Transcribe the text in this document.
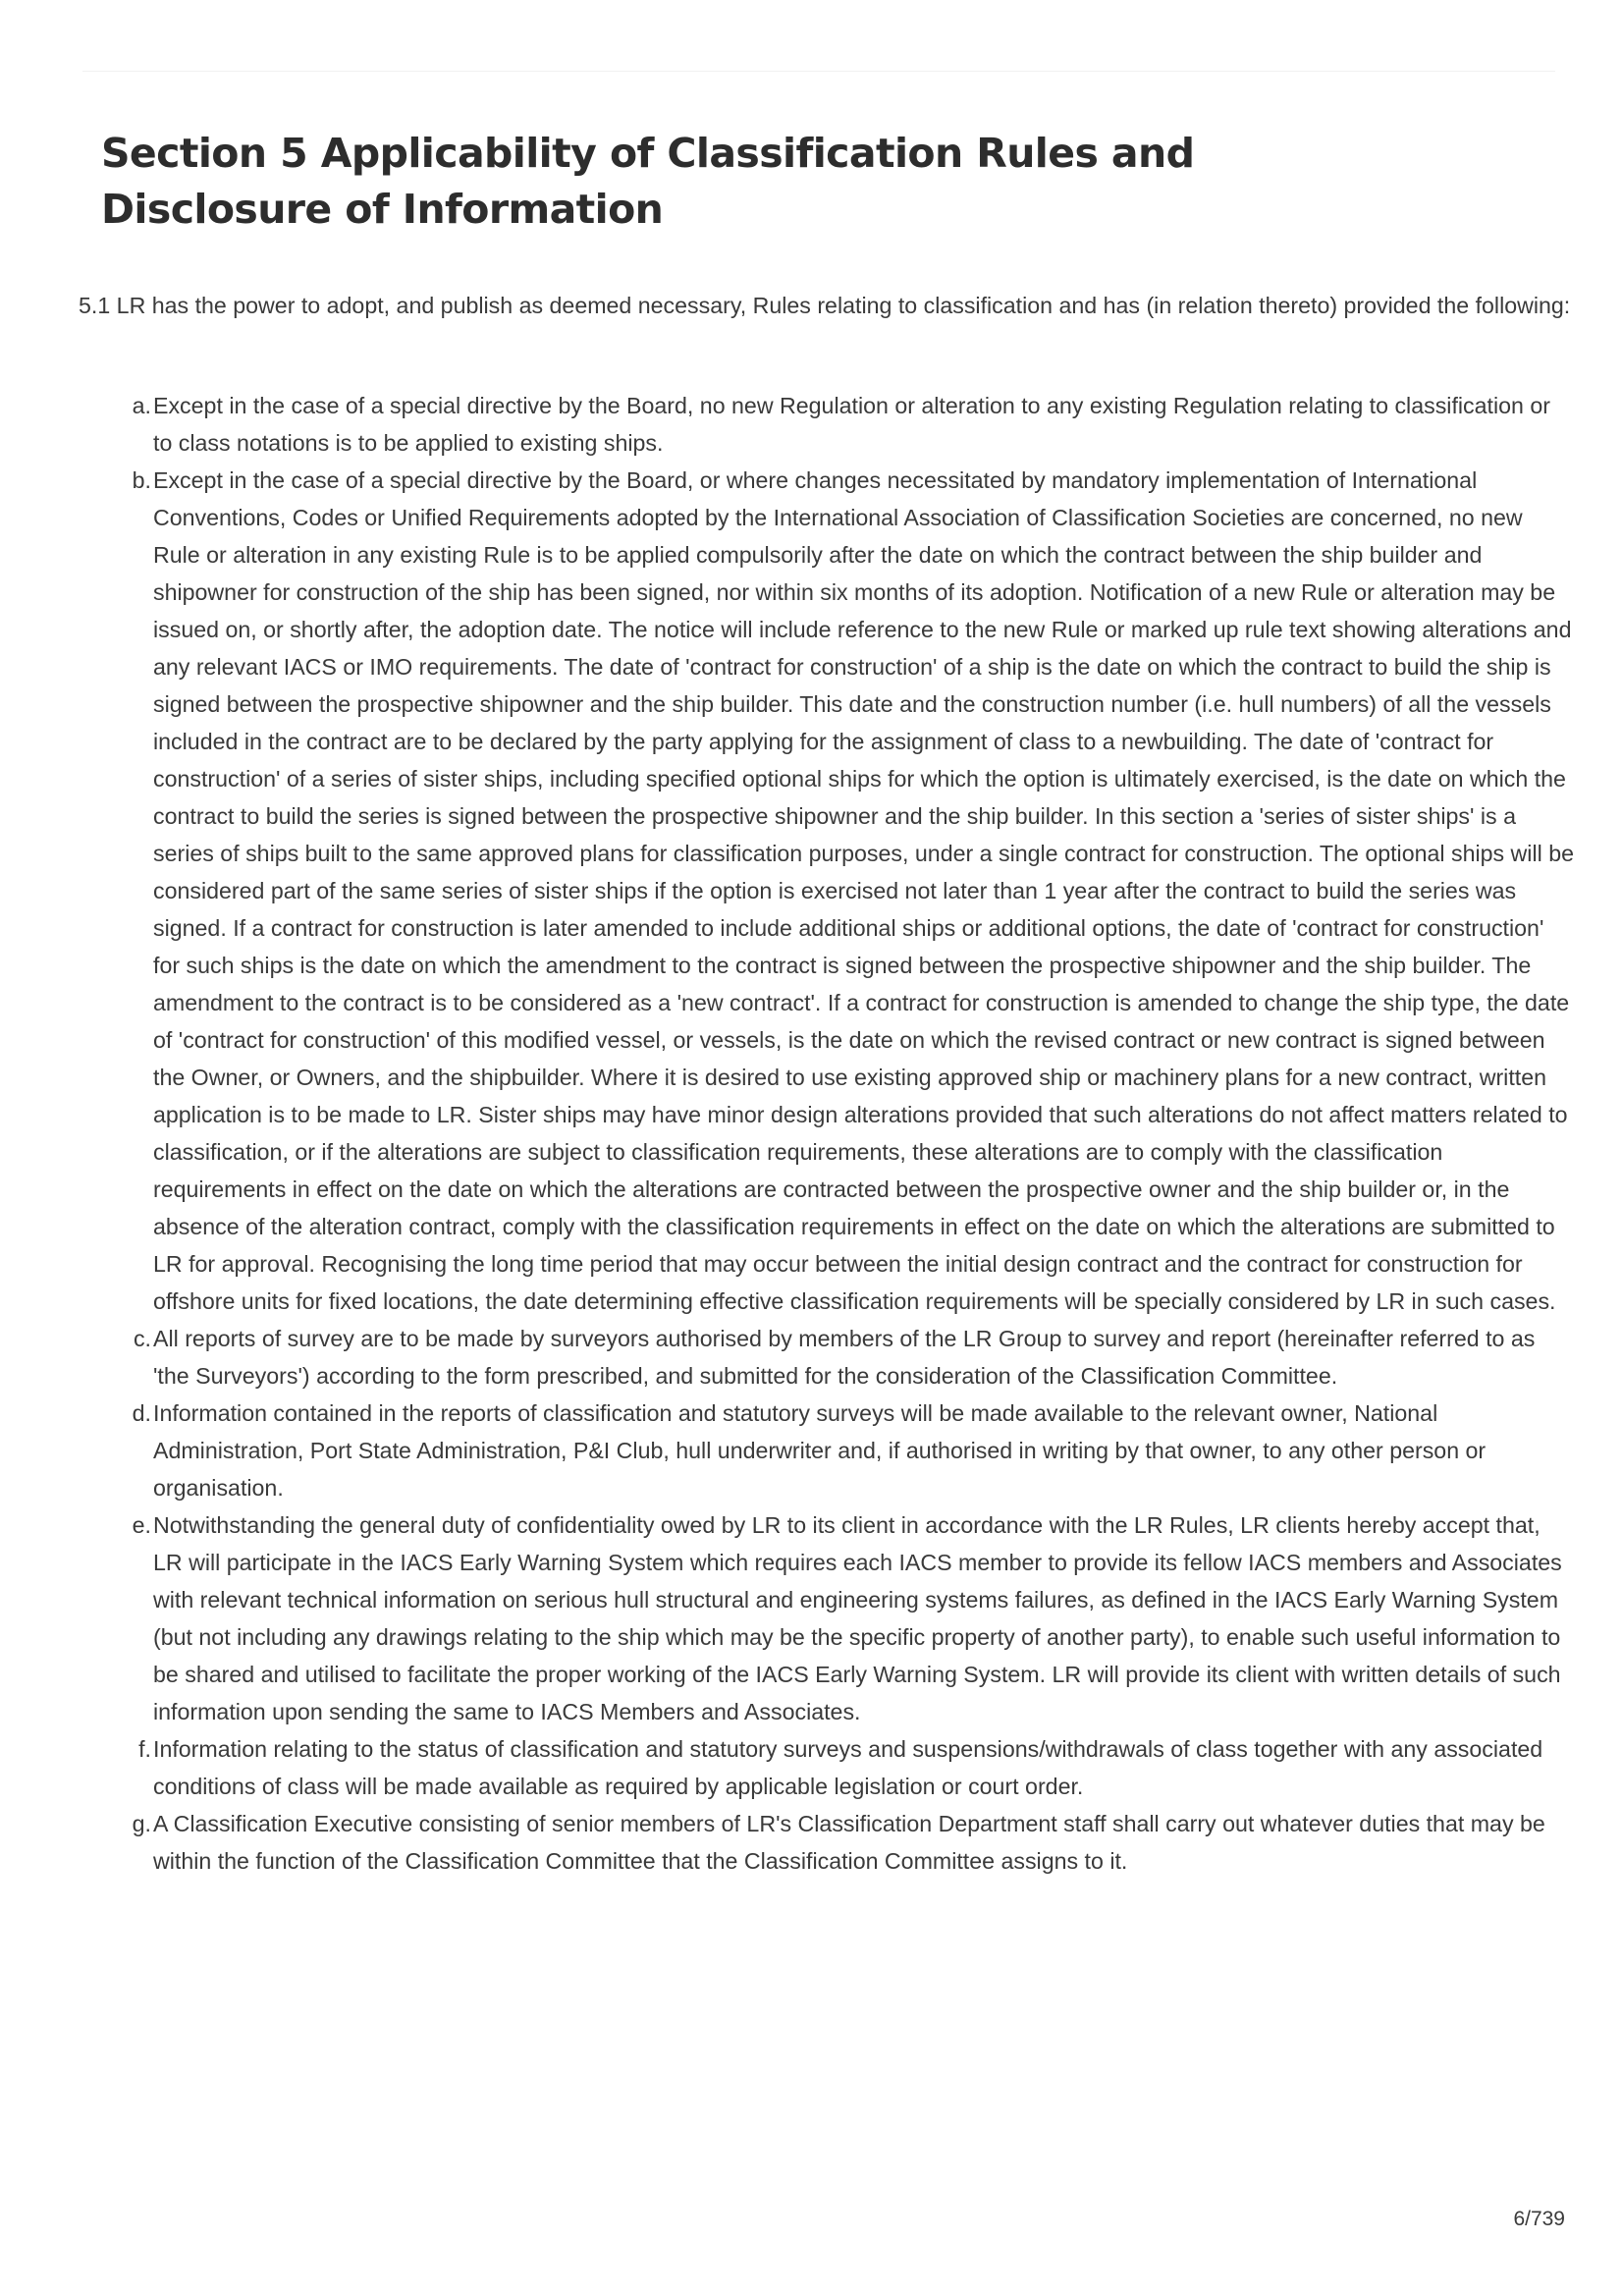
Section 5 Applicability of Classification Rules and Disclosure of Information

5.1 LR has the power to adopt, and publish as deemed necessary, Rules relating to classification and has (in relation thereto) provided the following:

a. Except in the case of a special directive by the Board, no new Regulation or alteration to any existing Regulation relating to classification or to class notations is to be applied to existing ships.
b. Except in the case of a special directive by the Board, or where changes necessitated by mandatory implementation of International Conventions, Codes or Unified Requirements adopted by the International Association of Classification Societies are concerned, no new Rule or alteration in any existing Rule is to be applied compulsorily after the date on which the contract between the ship builder and shipowner for construction of the ship has been signed, nor within six months of its adoption. Notification of a new Rule or alteration may be issued on, or shortly after, the adoption date. The notice will include reference to the new Rule or marked up rule text showing alterations and any relevant IACS or IMO requirements. The date of 'contract for construction' of a ship is the date on which the contract to build the ship is signed between the prospective shipowner and the ship builder. This date and the construction number (i.e. hull numbers) of all the vessels included in the contract are to be declared by the party applying for the assignment of class to a newbuilding. The date of 'contract for construction' of a series of sister ships, including specified optional ships for which the option is ultimately exercised, is the date on which the contract to build the series is signed between the prospective shipowner and the ship builder. In this section a 'series of sister ships' is a series of ships built to the same approved plans for classification purposes, under a single contract for construction. The optional ships will be considered part of the same series of sister ships if the option is exercised not later than 1 year after the contract to build the series was signed. If a contract for construction is later amended to include additional ships or additional options, the date of 'contract for construction' for such ships is the date on which the amendment to the contract is signed between the prospective shipowner and the ship builder. The amendment to the contract is to be considered as a 'new contract'. If a contract for construction is amended to change the ship type, the date of 'contract for construction' of this modified vessel, or vessels, is the date on which the revised contract or new contract is signed between the Owner, or Owners, and the shipbuilder. Where it is desired to use existing approved ship or machinery plans for a new contract, written application is to be made to LR. Sister ships may have minor design alterations provided that such alterations do not affect matters related to classification, or if the alterations are subject to classification requirements, these alterations are to comply with the classification requirements in effect on the date on which the alterations are contracted between the prospective owner and the ship builder or, in the absence of the alteration contract, comply with the classification requirements in effect on the date on which the alterations are submitted to LR for approval. Recognising the long time period that may occur between the initial design contract and the contract for construction for offshore units for fixed locations, the date determining effective classification requirements will be specially considered by LR in such cases.
c. All reports of survey are to be made by surveyors authorised by members of the LR Group to survey and report (hereinafter referred to as 'the Surveyors') according to the form prescribed, and submitted for the consideration of the Classification Committee.
d. Information contained in the reports of classification and statutory surveys will be made available to the relevant owner, National Administration, Port State Administration, P&I Club, hull underwriter and, if authorised in writing by that owner, to any other person or organisation.
e. Notwithstanding the general duty of confidentiality owed by LR to its client in accordance with the LR Rules, LR clients hereby accept that, LR will participate in the IACS Early Warning System which requires each IACS member to provide its fellow IACS members and Associates with relevant technical information on serious hull structural and engineering systems failures, as defined in the IACS Early Warning System (but not including any drawings relating to the ship which may be the specific property of another party), to enable such useful information to be shared and utilised to facilitate the proper working of the IACS Early Warning System. LR will provide its client with written details of such information upon sending the same to IACS Members and Associates.
f. Information relating to the status of classification and statutory surveys and suspensions/withdrawals of class together with any associated conditions of class will be made available as required by applicable legislation or court order.
g. A Classification Executive consisting of senior members of LR's Classification Department staff shall carry out whatever duties that may be within the function of the Classification Committee that the Classification Committee assigns to it.
6/739
